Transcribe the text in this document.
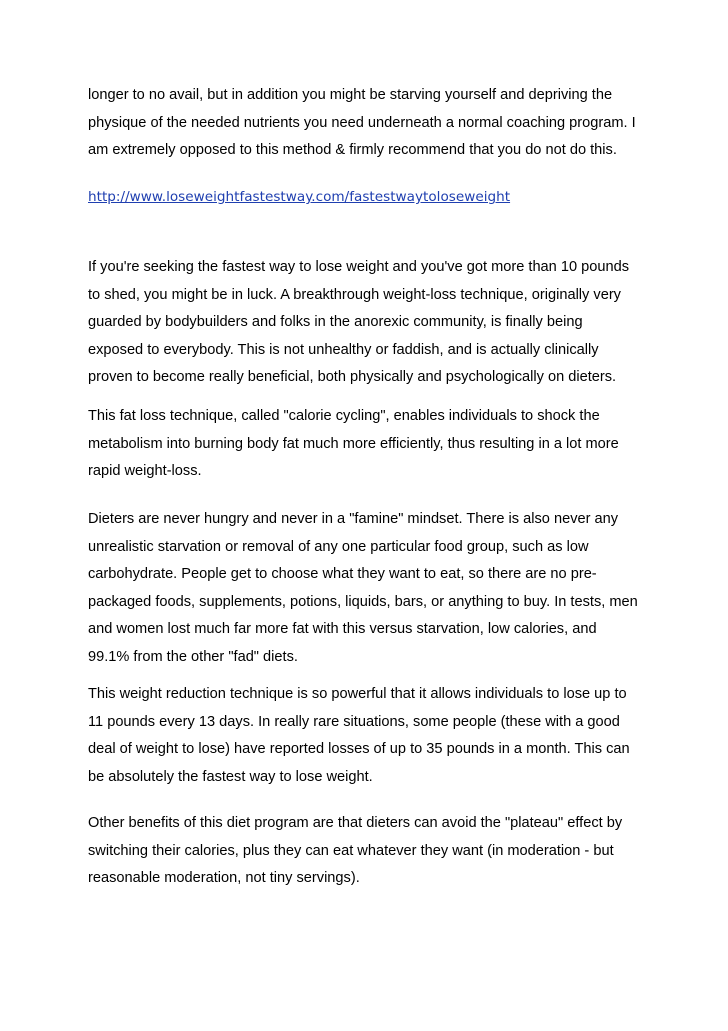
longer to no avail, but in addition you might be starving yourself and depriving the
physique of the needed nutrients you need underneath a normal coaching program. I
am extremely opposed to this method & firmly recommend that you do not do this.

http://www.loseweightfastestway.com/fastestwaytoloseweight

If you're seeking the fastest way to lose weight and you've got more than 10 pounds
to shed, you might be in luck. A breakthrough weight-loss technique, originally very
guarded by bodybuilders and folks in the anorexic community, is finally being
exposed to everybody. This is not unhealthy or faddish, and is actually clinically
proven to become really beneficial, both physically and psychologically on dieters.

This fat loss technique, called "calorie cycling", enables individuals to shock the
metabolism into burning body fat much more efficiently, thus resulting in a lot more
rapid weight-loss.

Dieters are never hungry and never in a "famine" mindset. There is also never any
unrealistic starvation or removal of any one particular food group, such as low
carbohydrate. People get to choose what they want to eat, so there are no pre-
packaged foods, supplements, potions, liquids, bars, or anything to buy. In tests, men
and women lost much far more fat with this versus starvation, low calories, and
99.1% from the other "fad" diets.

This weight reduction technique is so powerful that it allows individuals to lose up to
11 pounds every 13 days. In really rare situations, some people (these with a good
deal of weight to lose) have reported losses of up to 35 pounds in a month. This can
be absolutely the fastest way to lose weight.

Other benefits of this diet program are that dieters can avoid the "plateau" effect by
switching their calories, plus they can eat whatever they want (in moderation - but
reasonable moderation, not tiny servings).
